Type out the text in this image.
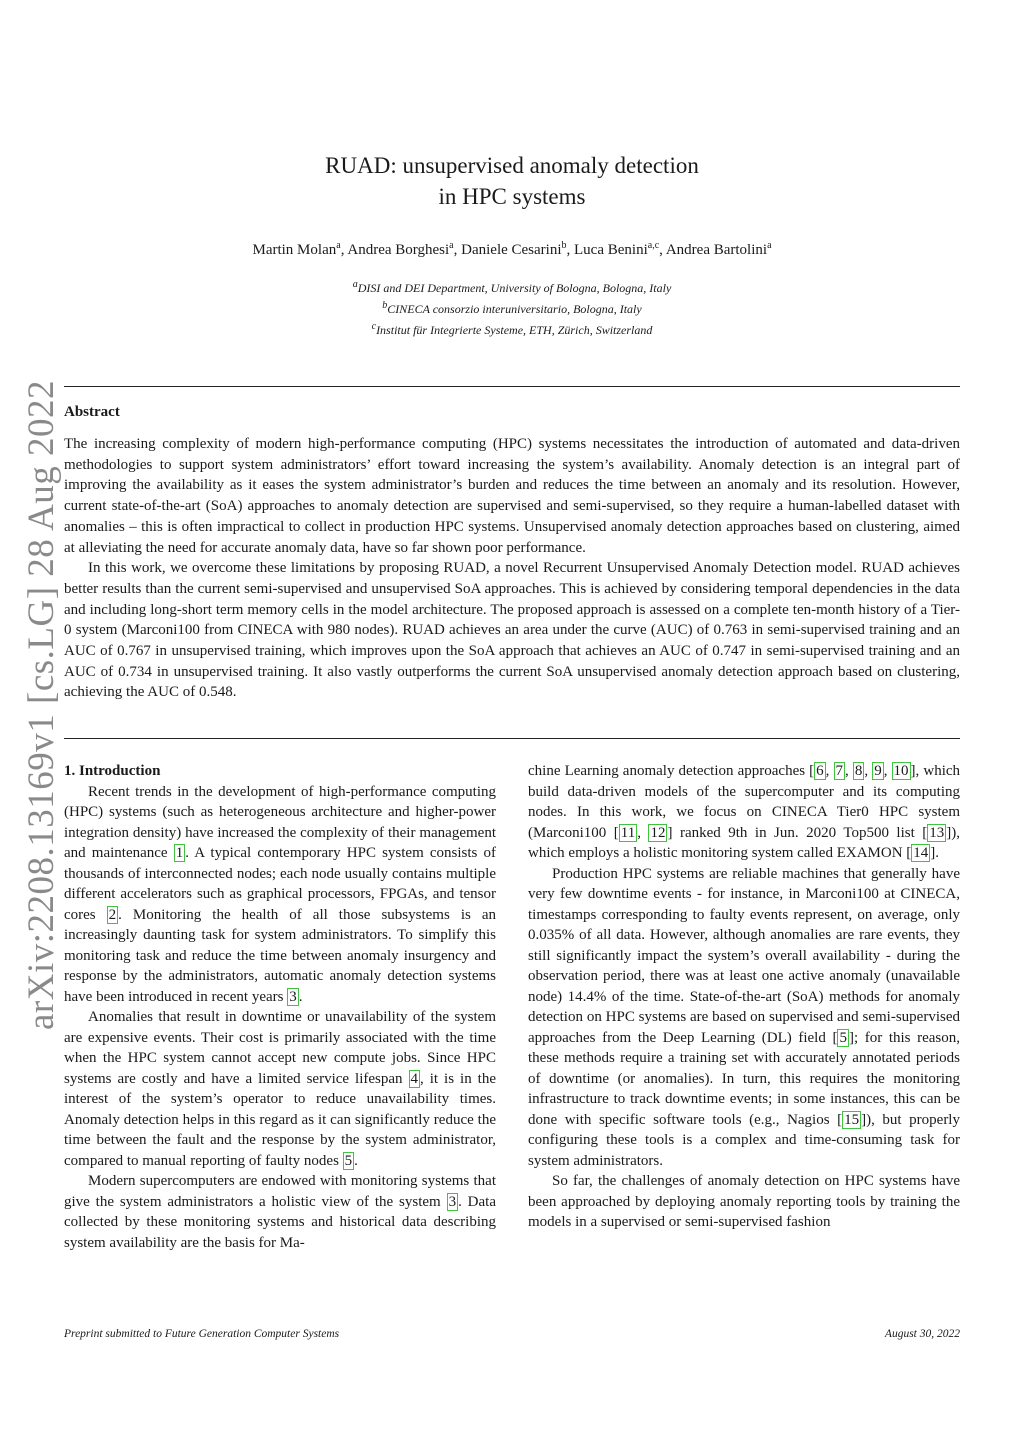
arXiv:2208.13169v1 [cs.LG] 28 Aug 2022
RUAD: unsupervised anomaly detection
in HPC systems
Martin Molan$^a$, Andrea Borghesi$^a$, Daniele Cesarini$^b$, Luca Benini$^{a,c}$, Andrea Bartolini$^a$
$^a$DISI and DEI Department, University of Bologna, Bologna, Italy
$^b$CINECA consorzio interuniversitario, Bologna, Italy
$^c$Institut für Integrierte Systeme, ETH, Zürich, Switzerland
Abstract

The increasing complexity of modern high-performance computing (HPC) systems necessitates the introduction of automated and data-driven methodologies to support system administrators’ effort toward increasing the system’s availability. Anomaly detection is an integral part of improving the availability as it eases the system administrator’s burden and reduces the time between an anomaly and its resolution. However, current state-of-the-art (SoA) approaches to anomaly detection are supervised and semi-supervised, so they require a human-labelled dataset with anomalies – this is often impractical to collect in production HPC systems. Unsupervised anomaly detection approaches based on clustering, aimed at alleviating the need for accurate anomaly data, have so far shown poor performance.

In this work, we overcome these limitations by proposing RUAD, a novel Recurrent Unsupervised Anomaly Detection model. RUAD achieves better results than the current semi-supervised and unsupervised SoA approaches. This is achieved by considering temporal dependencies in the data and including long-short term memory cells in the model architecture. The proposed approach is assessed on a complete ten-month history of a Tier-0 system (Marconi100 from CINECA with 980 nodes). RUAD achieves an area under the curve (AUC) of 0.763 in semi-supervised training and an AUC of 0.767 in unsupervised training, which improves upon the SoA approach that achieves an AUC of 0.747 in semi-supervised training and an AUC of 0.734 in unsupervised training. It also vastly outperforms the current SoA unsupervised anomaly detection approach based on clustering, achieving the AUC of 0.548.

1. Introduction

Recent trends in the development of high-performance computing (HPC) systems (such as heterogeneous architecture and higher-power integration density) have increased the complexity of their management and maintenance 1 . A typical contemporary HPC system consists of thousands of interconnected nodes; each node usually contains multiple different accelerators such as graphical processors, FPGAs, and tensor cores 2 . Monitoring the health of all those subsystems is an increasingly daunting task for system administrators. To simplify this monitoring task and reduce the time between anomaly insurgency and response by the administrators, automatic anomaly detection systems have been introduced in recent years 3 .

Anomalies that result in downtime or unavailability of the system are expensive events. Their cost is primarily associated with the time when the HPC system cannot accept new compute jobs. Since HPC systems are costly and have a limited service lifespan 4 , it is in the interest of the system’s operator to reduce unavailability times. Anomaly detection helps in this regard as it can significantly reduce the time between the fault and the response by the system administrator, compared to manual reporting of faulty nodes 5 .

Modern supercomputers are endowed with monitoring systems that give the system administrators a holistic view of the system 3 . Data collected by these monitoring systems and historical data describing system availability are the basis for Ma-

chine Learning anomaly detection approaches [ 6 , 7 , 8 , 9 , 10 ], which build data-driven models of the supercomputer and its computing nodes. In this work, we focus on CINECA Tier0 HPC system (Marconi100 [ 11 , 12 ] ranked 9th in Jun. 2020 Top500 list [ 13 ]), which employs a holistic monitoring system called EXAMON [ 14 ].

Production HPC systems are reliable machines that generally have very few downtime events - for instance, in Marconi100 at CINECA, timestamps corresponding to faulty events represent, on average, only 0.035% of all data. However, although anomalies are rare events, they still significantly impact the system’s overall availability - during the observation period, there was at least one active anomaly (unavailable node) 14.4% of the time. State-of-the-art (SoA) methods for anomaly detection on HPC systems are based on supervised and semi-supervised approaches from the Deep Learning (DL) field [ 5 ]; for this reason, these methods require a training set with accurately annotated periods of downtime (or anomalies). In turn, this requires the monitoring infrastructure to track downtime events; in some instances, this can be done with specific software tools (e.g., Nagios [ 15 ]), but properly configuring these tools is a complex and time-consuming task for system administrators.

So far, the challenges of anomaly detection on HPC systems have been approached by deploying anomaly reporting tools by training the models in a supervised or semi-supervised fashion

Preprint submitted to Future Generation Computer Systems	August 30, 2022
